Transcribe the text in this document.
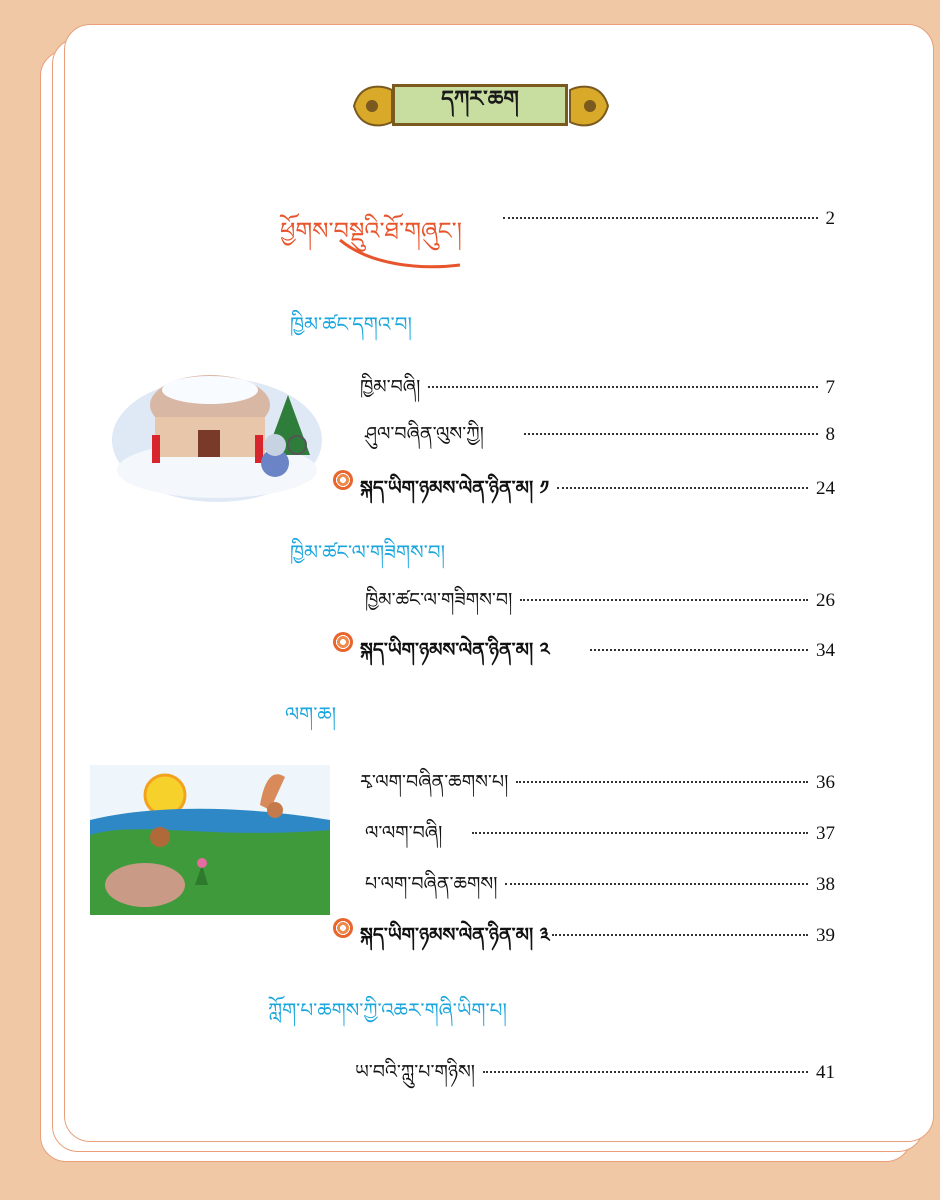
དཀར་ཆག
ཕྱོགས་བསྡུའི་ཐོ་གཞུང་།	2
ཁྱིམ་ཚང་དགའ་བ།
ཁྱིམ་བཞི།	7
ཤུལ་བཞིན་ལུས་ཀྱི།	8
སྐད་ཡིག་ཉམས་ལེན་ཉིན་མ། ༡	24
ཁྱིམ་ཚང་ལ་གཟིགས་བ།
ཁྱིམ་ཚང་ལ་གཟིགས་བ།	26
སྐད་ཡིག་ཉམས་ལེན་ཉིན་མ། ༢	34
ལག་ཆ།
རྭ་ལག་བཞིན་ཆགས་པ།	36
ལ་ལག་བཞི།	37
པ་ལག་བཞིན་ཆགས།	38
སྐད་ཡིག་ཉམས་ལེན་ཉིན་མ། ༣	39
ཀློག་པ་ཆགས་ཀྱི་འཆར་གཞི་ཡིག་པ།
ཡ་བའི་ཀླུ་པ་གཉིས།	41
